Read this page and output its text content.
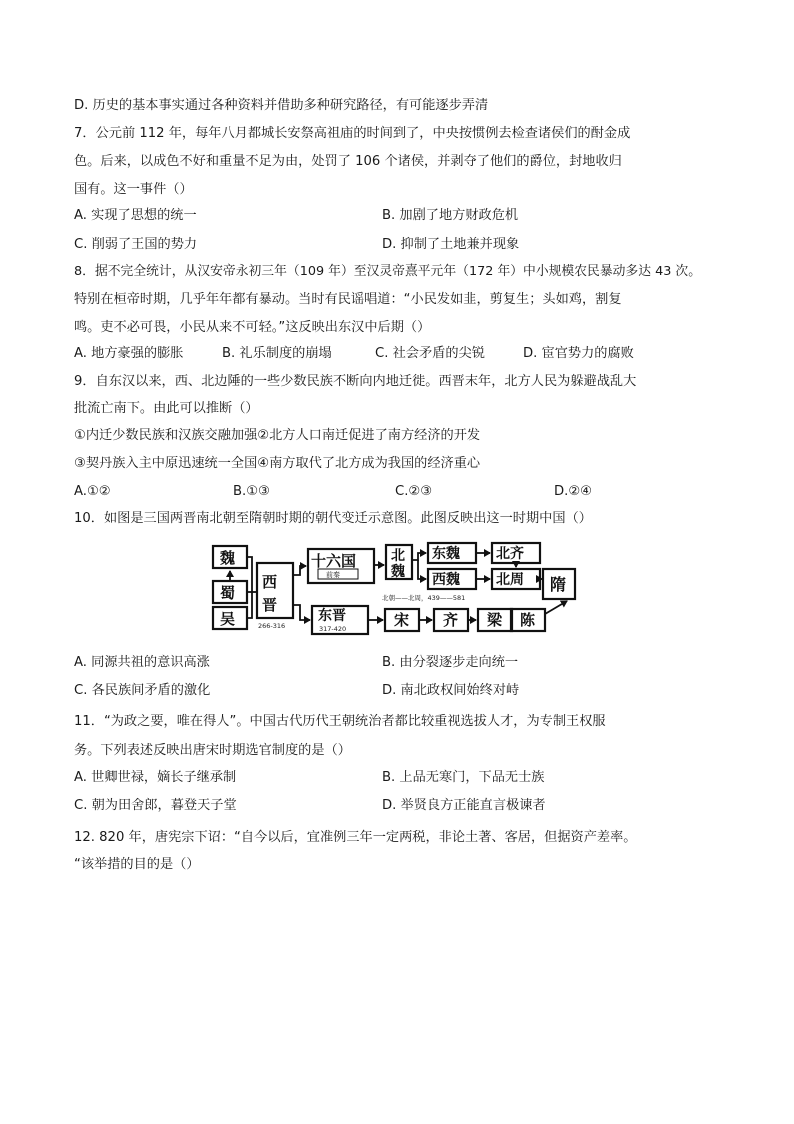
D. 历史的基本事实通过各种资料并借助多种研究路径，有可能逐步弄清
7．公元前 112 年，每年八月都城长安祭高祖庙的时间到了，中央按惯例去检查诸侯们的酎金成
色。后来，以成色不好和重量不足为由，处罚了 106 个诸侯，并剥夺了他们的爵位，封地收归
国有。这一事件（）
A. 实现了思想的统一	B. 加剧了地方财政危机
C. 削弱了王国的势力	D. 抑制了土地兼并现象
8．据不完全统计，从汉安帝永初三年（109 年）至汉灵帝熹平元年（172 年）中小规模农民暴动多达 43 次。
特别在桓帝时期，几乎年年都有暴动。当时有民谣唱道：“小民发如韭，剪复生；头如鸡，割复
鸣。吏不必可畏，小民从来不可轻。”这反映出东汉中后期（）
A. 地方豪强的膨胀	B. 礼乐制度的崩塌	C. 社会矛盾的尖锐	D. 宦官势力的腐败
9．自东汉以来，西、北边陲的一些少数民族不断向内地迁徙。西晋末年，北方人民为躲避战乱大
批流亡南下。由此可以推断（）
①内迁少数民族和汉族交融加强②北方人口南迁促进了南方经济的开发
③契丹族入主中原迅速统一全国④南方取代了北方成为我国的经济重心
A.①②	B.①③	C.②③	D.②④
10．如图是三国两晋南北朝至隋朝时期的朝代变迁示意图。此图反映出这一时期中国（）
魏
蜀
吴
西
晋
十六国 北
魏
东魏
西魏
北齐
北周 隋
东晋	宋 齐 梁 陈
266-316
前秦
317-420
北朝——北周，439——581
A. 同源共祖的意识高涨	B. 由分裂逐步走向统一
C. 各民族间矛盾的激化	D. 南北政权间始终对峙
11．“为政之要，唯在得人”。中国古代历代王朝统治者都比较重视选拔人才，为专制王权服
务。下列表述反映出唐宋时期选官制度的是（）
A. 世卿世禄，嫡长子继承制	B. 上品无寒门，下品无士族
C. 朝为田舍郎，暮登天子堂	D. 举贤良方正能直言极谏者
12. 820 年，唐宪宗下诏：“自今以后，宜准例三年一定两税，非论土著、客居，但据资产差率。
“该举措的目的是（）
